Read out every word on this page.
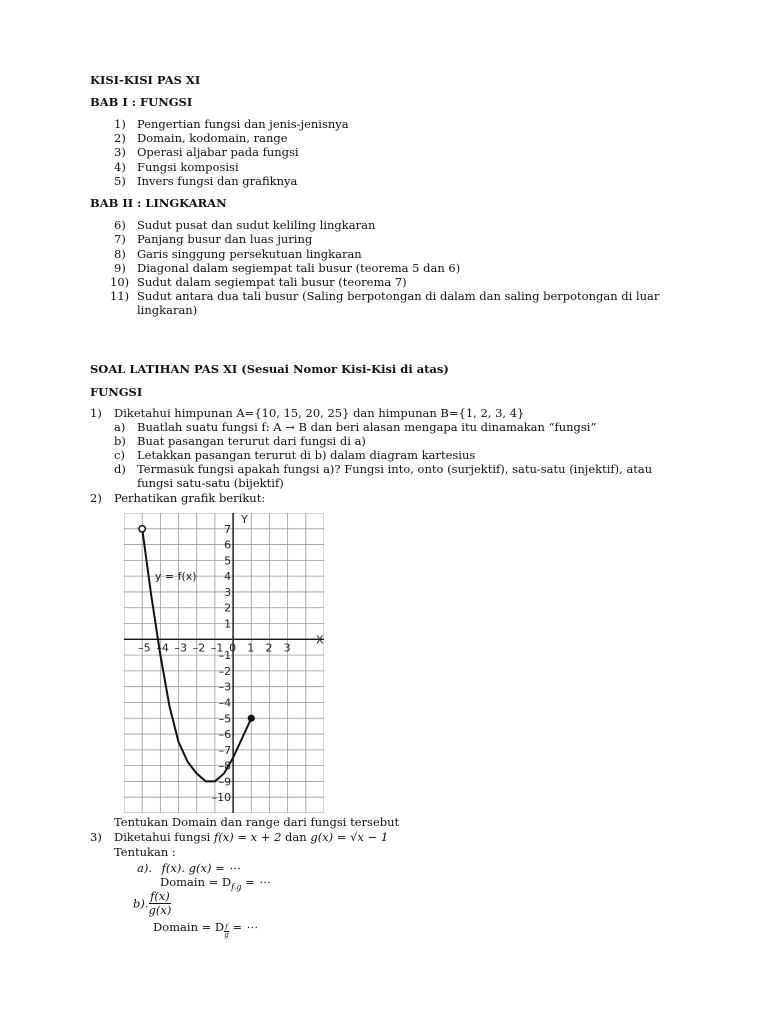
KISI-KISI PAS XI
BAB I : FUNGSI
1) Pengertian fungsi dan jenis-jenisnya
2) Domain, kodomain, range
3) Operasi aljabar pada fungsi
4) Fungsi komposisi
5) Invers fungsi dan grafiknya
BAB II : LINGKARAN
6) Sudut pusat dan sudut keliling lingkaran
7) Panjang busur dan luas juring
8) Garis singgung persekutuan lingkaran
9) Diagonal dalam segiempat tali busur (teorema 5 dan 6)
10) Sudut dalam segiempat tali busur (teorema 7)
11) Sudut antara dua tali busur (Saling berpotongan di dalam dan saling berpotongan di luar
lingkaran)
SOAL LATIHAN PAS XI (Sesuai Nomor Kisi-Kisi di atas)
FUNGSI
1) Diketahui himpunan A={10, 15, 20, 25} dan himpunan B={1, 2, 3, 4}
a) Buatlah suatu fungsi f: A → B dan beri alasan mengapa itu dinamakan “fungsi”
b) Buat pasangan terurut dari fungsi di a)
c) Letakkan pasangan terurut di b) dalam diagram kartesius
d) Termasuk fungsi apakah fungsi a)? Fungsi into, onto (surjektif), satu-satu (injektif), atau
fungsi satu-satu (bijektif)
2) Perhatikan grafik berikut:
–5 –4 –3 –2 –1 0 1 2 3
7
6
5
4
3
2
1
–1
–2
–3
–4
–5
–6
–7
–8
–9
–10
y = f(x)
X
Y
Tentukan Domain dan range dari fungsi tersebut
3) Diketahui fungsi f(x) = x + 2 dan g(x) = √x − 1
Tentukan :
a). f(x). g(x) = ⋯
Domain = $D_{f.g}$ = ⋯
b). $\frac{f(x)}{g(x)}$
Domain = D $\frac{f}{g}$ = ⋯
